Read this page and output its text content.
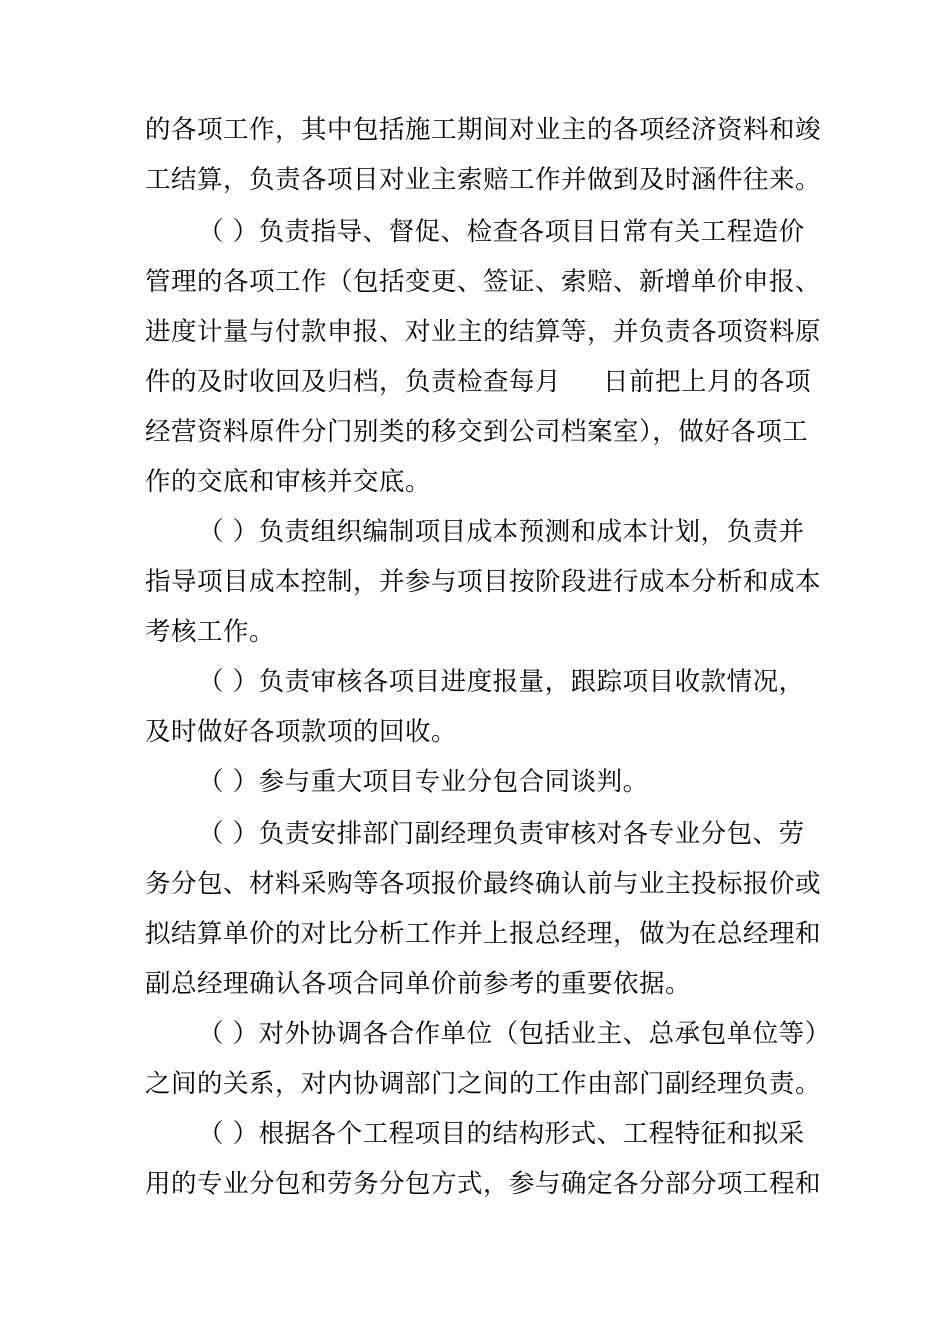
的各项工作，其中包括施工期间对业主的各项经济资料和竣
工结算，负责各项目对业主索赔工作并做到及时涵件往来。
（ ）负责指导、督促、检查各项目日常有关工程造价
管理的各项工作（包括变更、签证、索赔、新增单价申报、
进度计量与付款申报、对业主的结算等，并负责各项资料原
件的及时收回及归档，负责检查每月 日前把上月的各项
经营资料原件分门别类的移交到公司档案室），做好各项工
作的交底和审核并交底。
（ ）负责组织编制项目成本预测和成本计划，负责并
指导项目成本控制，并参与项目按阶段进行成本分析和成本
考核工作。
（ ）负责审核各项目进度报量，跟踪项目收款情况，
及时做好各项款项的回收。
（ ）参与重大项目专业分包合同谈判。
（ ）负责安排部门副经理负责审核对各专业分包、劳
务分包、材料采购等各项报价最终确认前与业主投标报价或
拟结算单价的对比分析工作并上报总经理，做为在总经理和
副总经理确认各项合同单价前参考的重要依据。
（ ）对外协调各合作单位（包括业主、总承包单位等）
之间的关系，对内协调部门之间的工作由部门副经理负责。
（ ）根据各个工程项目的结构形式、工程特征和拟采
用的专业分包和劳务分包方式，参与确定各分部分项工程和
